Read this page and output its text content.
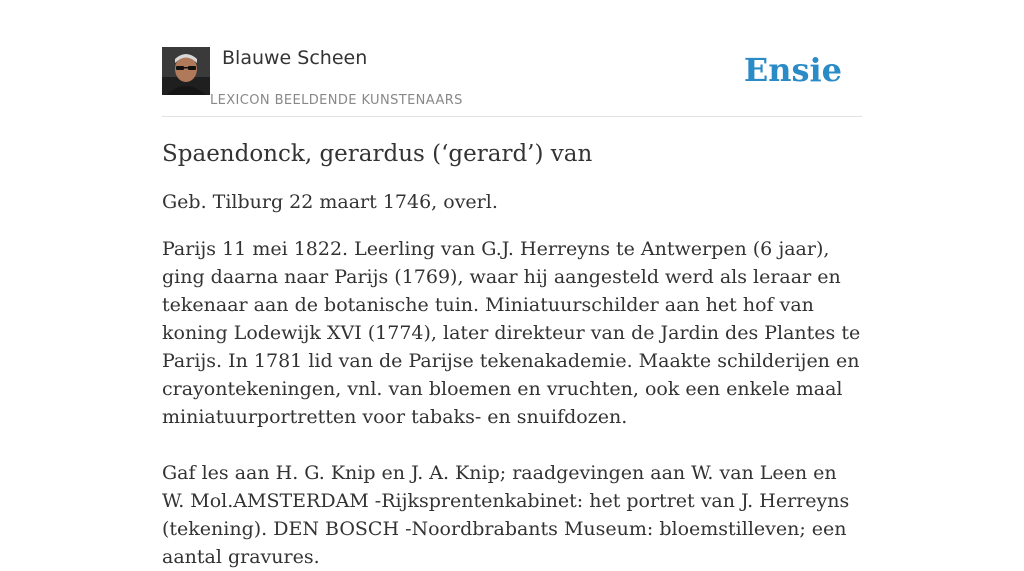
Blauwe Scheen
LEXICON BEELDENDE KUNSTENAARS
Ensie
Spaendonck, gerardus (‘gerard’) van

Geb. Tilburg 22 maart 1746, overl.

Parijs 11 mei 1822. Leerling van G.J. Herreyns te Antwerpen (6 jaar), ging daarna naar Parijs (1769), waar hij aangesteld werd als leraar en tekenaar aan de botanische tuin. Miniatuurschilder aan het hof van koning Lodewijk XVI (1774), later direkteur van de Jardin des Plantes te Parijs. In 1781 lid van de Parijse tekenakademie. Maakte schilderijen en crayontekeningen, vnl. van bloemen en vruchten, ook een enkele maal miniatuurportretten voor tabaks- en snuifdozen.

Gaf les aan H. G. Knip en J. A. Knip; raadgevingen aan W. van Leen en W. Mol.AMSTERDAM -Rijksprentenkabinet: het portret van J. Herreyns (tekening). DEN BOSCH -Noordbrabants Museum: bloemstilleven; een aantal gravures.
